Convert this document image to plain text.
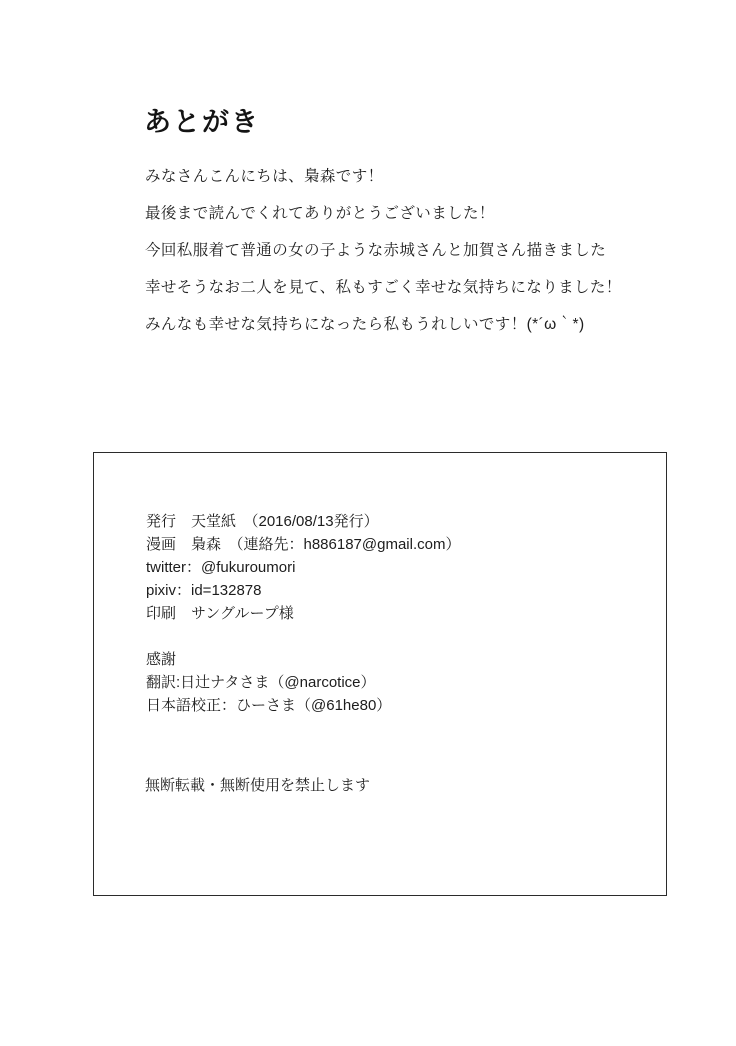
あとがき
みなさんこんにちは、梟森です！
最後まで読んでくれてありがとうございました！
今回私服着て普通の女の子ような赤城さんと加賀さん描きました
幸せそうなお二人を見て、私もすごく幸せな気持ちになりました！
みんなも幸せな気持ちになったら私もうれしいです！(*´ω｀*)
発行　天堂紙　（2016/08/13発行）
漫画　梟森　（連絡先：h886187@gmail.com）
twitter：@fukuroumori
pixiv：id=132878
印刷　サングループ様
感謝
翻訳:日辻ナタさま（@narcotice）
日本語校正：ひーさま（@61he80）
無断転載・無断使用を禁止します
